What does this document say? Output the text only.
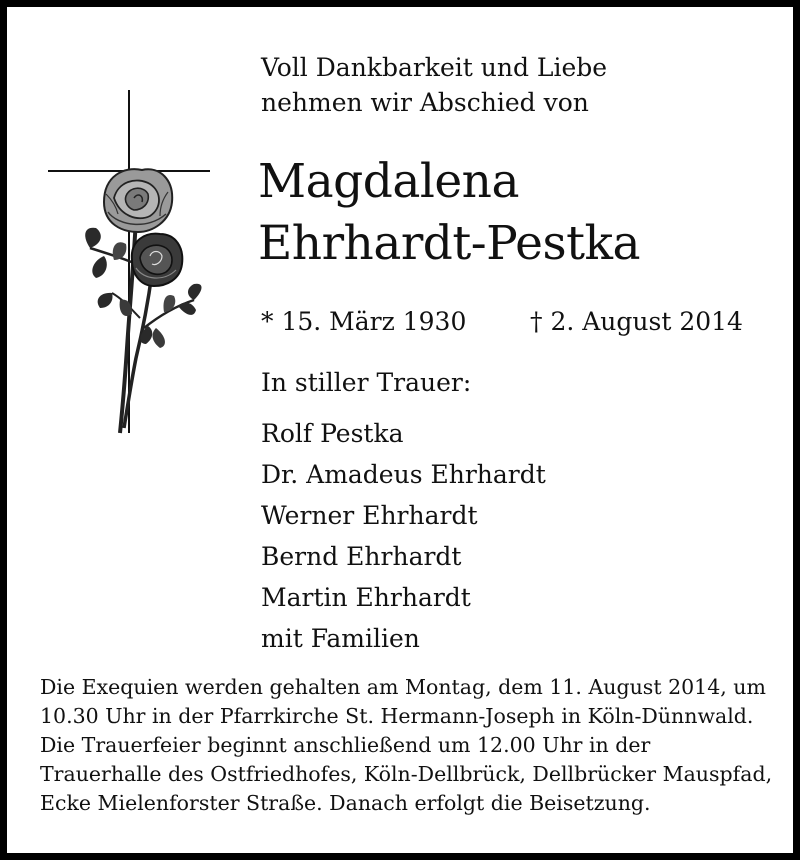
Voll Dankbarkeit und Liebe
nehmen wir Abschied von
Magdalena
Ehrhardt-Pestka
* 15. März 1930	† 2. August 2014
In stiller Trauer:
Rolf Pestka
Dr. Amadeus Ehrhardt
Werner Ehrhardt
Bernd Ehrhardt
Martin Ehrhardt
mit Familien

Die Exequien werden gehalten am Montag, dem 11. August 2014, um

10.30 Uhr in der Pfarrkirche St. Hermann-Joseph in Köln-Dünnwald.

Die Trauerfeier beginnt anschließend um 12.00 Uhr in der

Trauerhalle des Ostfriedhofes, Köln-Dellbrück, Dellbrücker Mauspfad,

Ecke Mielenforster Straße. Danach erfolgt die Beisetzung.
